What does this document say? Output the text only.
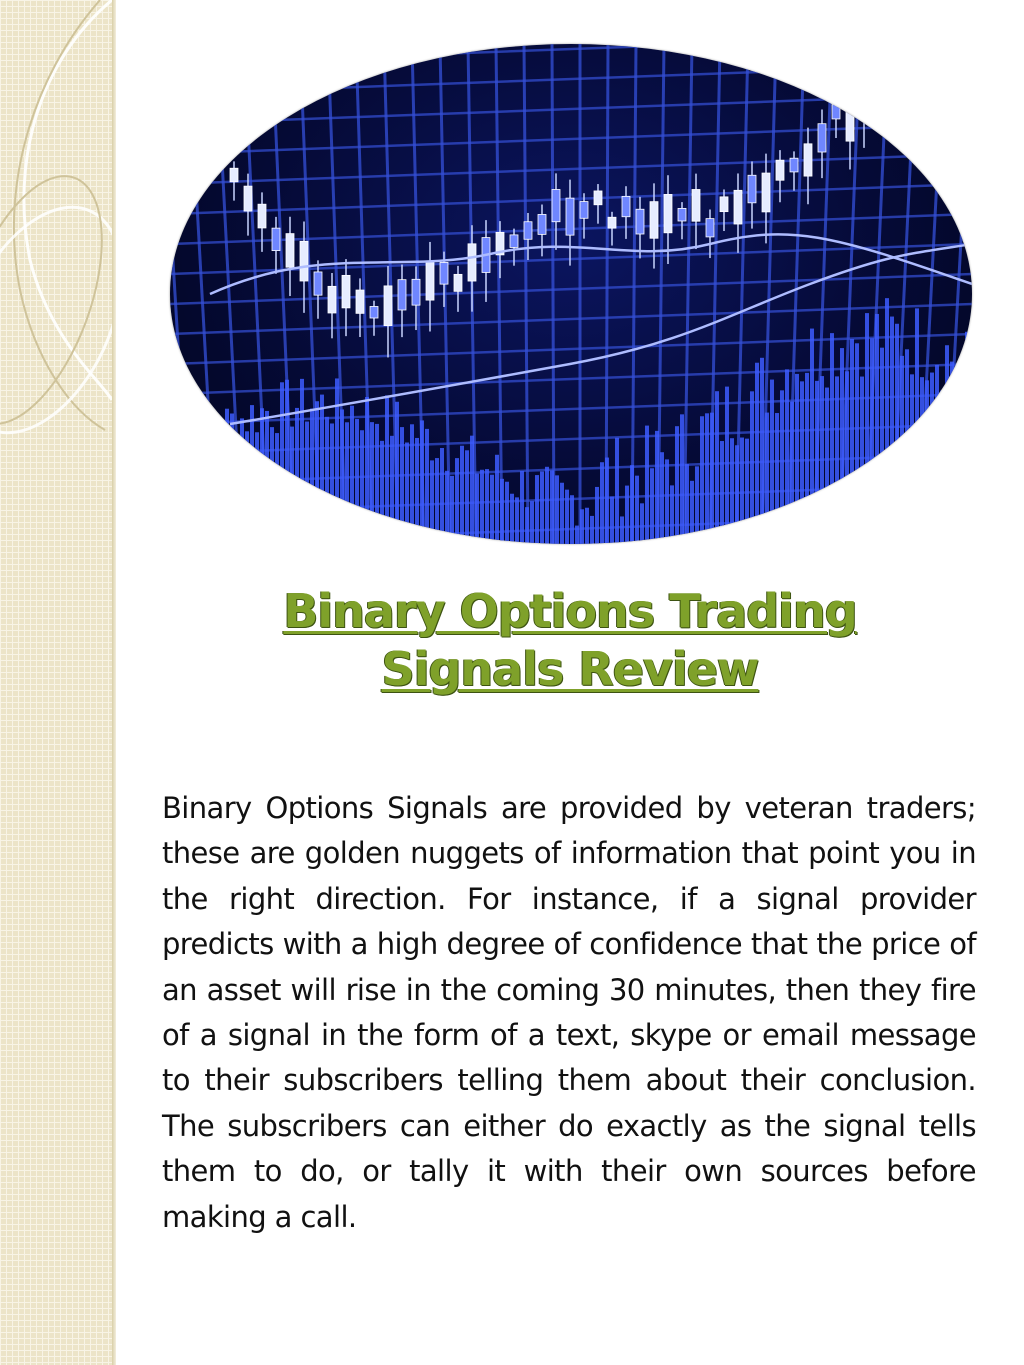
Binary Options Trading
Signals Review

Binary Options Signals are provided by veteran traders; these are golden nuggets of information that point you in the right direction. For instance, if a signal provider predicts with a high degree of confidence that the price of an asset will rise in the coming 30 minutes, then they fire of a signal in the form of a text, skype or email message to their subscribers telling them about their conclusion. The subscribers can either do exactly as the signal tells them to do, or tally it with their own sources before making a call.
